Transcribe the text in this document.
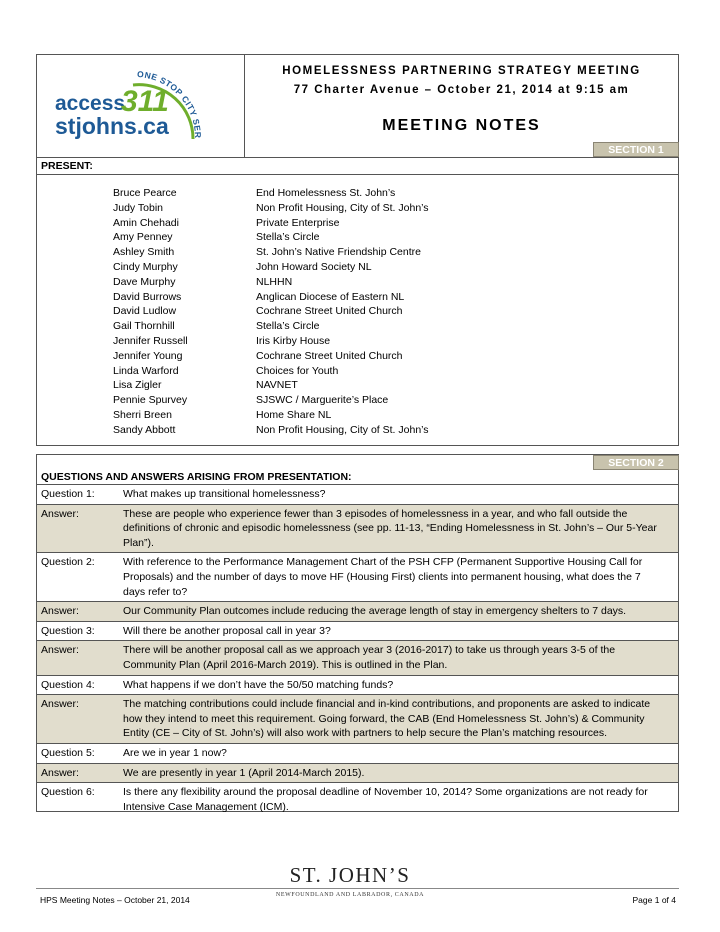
ONE STOP CITY SER
access
311
stjohns.ca
HOMELESSNESS PARTNERING STRATEGY MEETING
77 Charter Avenue – October 21, 2014 at 9:15 am
MEETING NOTES
SECTION 1
PRESENT:
Bruce Pearce	End Homelessness St. John’s
Judy Tobin	Non Profit Housing, City of St. John’s
Amin Chehadi	Private Enterprise
Amy Penney	Stella’s Circle
Ashley Smith	St. John’s Native Friendship Centre
Cindy Murphy	John Howard Society NL
Dave Murphy	NLHHN
David Burrows	Anglican Diocese of Eastern NL
David Ludlow	Cochrane Street United Church
Gail Thornhill	Stella’s Circle
Jennifer Russell	Iris Kirby House
Jennifer Young	Cochrane Street United Church
Linda Warford	Choices for Youth
Lisa Zigler	NAVNET
Pennie Spurvey	SJSWC / Marguerite’s Place
Sherri Breen	Home Share NL
Sandy Abbott	Non Profit Housing, City of St. John’s
SECTION 2
QUESTIONS AND ANSWERS ARISING FROM PRESENTATION:
Question 1:	What makes up transitional homelessness?
Answer:	These are people who experience fewer than 3 episodes of homelessness in a year, and who fall outside the definitions of chronic and episodic homelessness (see pp. 11-13, “Ending Homelessness in St. John’s – Our 5-Year Plan”).
Question 2:	With reference to the Performance Management Chart of the PSH CFP (Permanent Supportive Housing Call for Proposals) and the number of days to move HF (Housing First) clients into permanent housing, what does the 7 days refer to?
Answer:	Our Community Plan outcomes include reducing the average length of stay in emergency shelters to 7 days.
Question 3:	Will there be another proposal call in year 3?
Answer:	There will be another proposal call as we approach year 3 (2016-2017) to take us through years 3-5 of the Community Plan (April 2016-March 2019). This is outlined in the Plan.
Question 4:	What happens if we don’t have the 50/50 matching funds?
Answer:	The matching contributions could include financial and in-kind contributions, and proponents are asked to indicate how they intend to meet this requirement. Going forward, the CAB (End Homelessness St. John’s) & Community Entity (CE – City of St. John’s) will also work with partners to help secure the Plan’s matching resources.
Question 5:	Are we in year 1 now?
Answer:	We are presently in year 1 (April 2014-March 2015).
Question 6:	Is there any flexibility around the proposal deadline of November 10, 2014? Some organizations are not ready for Intensive Case Management (ICM).
ST. JOHN’S
NEWFOUNDLAND AND LABRADOR, CANADA
HPS Meeting Notes – October 21, 2014	Page 1 of 4
